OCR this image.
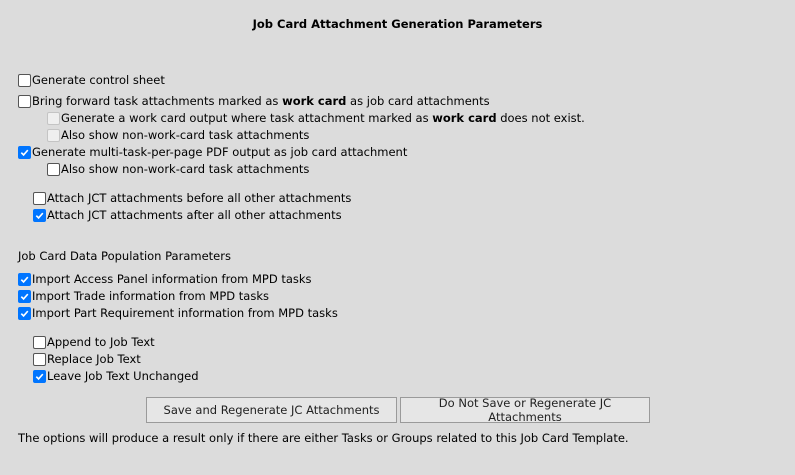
Job Card Attachment Generation Parameters
Generate control sheet
Bring forward task attachments marked as work card as job card attachments
Generate a work card output where task attachment marked as work card does not exist.
Also show non-work-card task attachments
Generate multi-task-per-page PDF output as job card attachment
Also show non-work-card task attachments
Attach JCT attachments before all other attachments
Attach JCT attachments after all other attachments
Job Card Data Population Parameters
Import Access Panel information from MPD tasks
Import Trade information from MPD tasks
Import Part Requirement information from MPD tasks
Append to Job Text
Replace Job Text
Leave Job Text Unchanged
Save and Regenerate JC Attachments	Do Not Save or Regenerate JC Attachments
The options will produce a result only if there are either Tasks or Groups related to this Job Card Template.
